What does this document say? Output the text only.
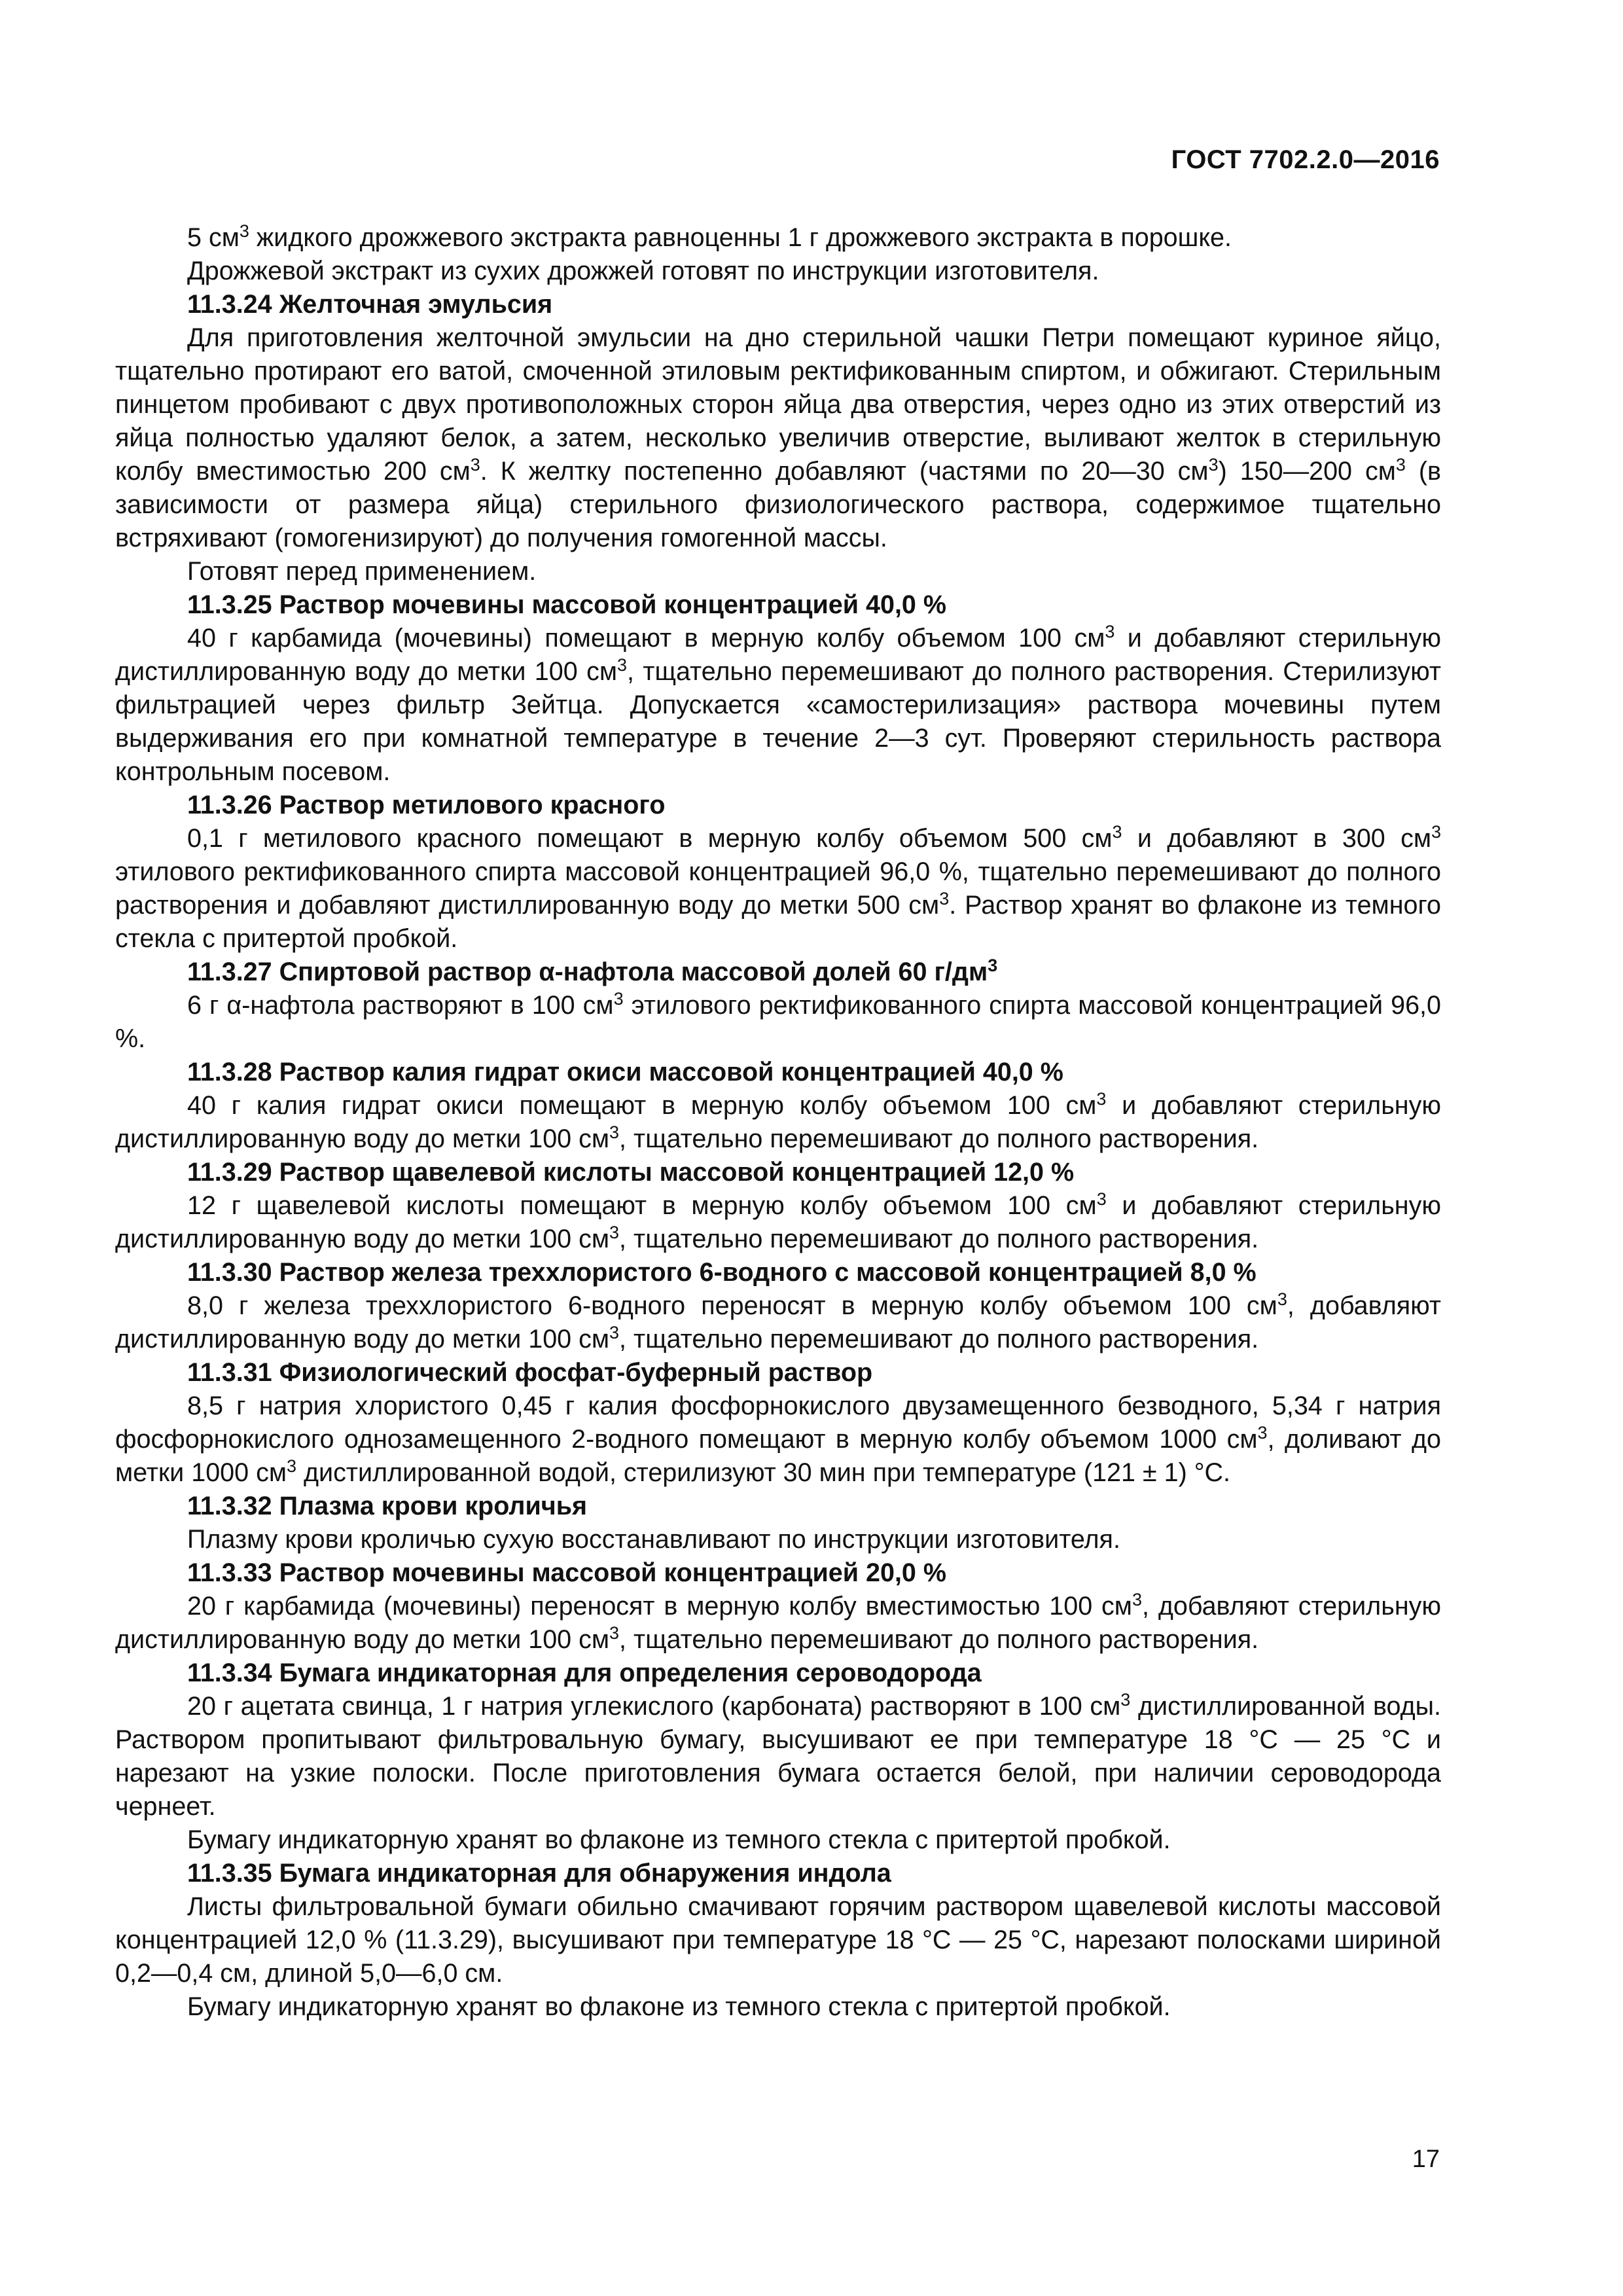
ГОСТ 7702.2.0—2016

5 $см^3$ жидкого дрожжевого экстракта равноценны 1 г дрожжевого экстракта в порошке.

Дрожжевой экстракт из сухих дрожжей готовят по инструкции изготовителя.

11.3.24 Желточная эмульсия

Для приготовления желточной эмульсии на дно стерильной чашки Петри помещают куриное яйцо, тщательно протирают его ватой, смоченной этиловым ректификованным спиртом, и обжигают. Стерильным пинцетом пробивают с двух противоположных сторон яйца два отверстия, через одно из этих отверстий из яйца полностью удаляют белок, а затем, несколько увеличив отверстие, выливают желток в стерильную колбу вместимостью 200 $см^3$. К желтку постепенно добавляют (частями по 20—30 $см^3$) 150—200 $см^3$ (в зависимости от размера яйца) стерильного физиологического раствора, содержимое тщательно встряхивают (гомогенизируют) до получения гомогенной массы.

Готовят перед применением.

11.3.25 Раствор мочевины массовой концентрацией 40,0 %

40 г карбамида (мочевины) помещают в мерную колбу объемом 100 $см^3$ и добавляют стерильную дистиллированную воду до метки 100 $см^3$, тщательно перемешивают до полного растворения. Стерилизуют фильтрацией через фильтр Зейтца. Допускается «самостерилизация» раствора мочевины путем выдерживания его при комнатной температуре в течение 2—3 сут. Проверяют стерильность раствора контрольным посевом.

11.3.26 Раствор метилового красного

0,1 г метилового красного помещают в мерную колбу объемом 500 $см^3$ и добавляют в 300 $см^3$ этилового ректификованного спирта массовой концентрацией 96,0 %, тщательно перемешивают до полного растворения и добавляют дистиллированную воду до метки 500 $см^3$. Раствор хранят во флаконе из темного стекла с притертой пробкой.

11.3.27 Спиртовой раствор α-нафтола массовой долей 60 $г/дм^3$

6 г α-нафтола растворяют в 100 $см^3$ этилового ректификованного спирта массовой концентрацией 96,0 %.

11.3.28 Раствор калия гидрат окиси массовой концентрацией 40,0 %

40 г калия гидрат окиси помещают в мерную колбу объемом 100 $см^3$ и добавляют стерильную дистиллированную воду до метки 100 $см^3$, тщательно перемешивают до полного растворения.

11.3.29 Раствор щавелевой кислоты массовой концентрацией 12,0 %

12 г щавелевой кислоты помещают в мерную колбу объемом 100 $см^3$ и добавляют стерильную дистиллированную воду до метки 100 $см^3$, тщательно перемешивают до полного растворения.

11.3.30 Раствор железа треххлористого 6-водного с массовой концентрацией 8,0 %

8,0 г железа треххлористого 6-водного переносят в мерную колбу объемом 100 $см^3$, добавляют дистиллированную воду до метки 100 $см^3$, тщательно перемешивают до полного растворения.

11.3.31 Физиологический фосфат-буферный раствор

8,5 г натрия хлористого 0,45 г калия фосфорнокислого двузамещенного безводного, 5,34 г натрия фосфорнокислого однозамещенного 2-водного помещают в мерную колбу объемом 1000 $см^3$, доливают до метки 1000 $см^3$ дистиллированной водой, стерилизуют 30 мин при температуре (121 ± 1) °С.

11.3.32 Плазма крови кроличья

Плазму крови кроличью сухую восстанавливают по инструкции изготовителя.

11.3.33 Раствор мочевины массовой концентрацией 20,0 %

20 г карбамида (мочевины) переносят в мерную колбу вместимостью 100 $см^3$, добавляют стерильную дистиллированную воду до метки 100 $см^3$, тщательно перемешивают до полного растворения.

11.3.34 Бумага индикаторная для определения сероводорода

20 г ацетата свинца, 1 г натрия углекислого (карбоната) растворяют в 100 $см^3$ дистиллированной воды. Раствором пропитывают фильтровальную бумагу, высушивают ее при температуре 18 °С — 25 °С и нарезают на узкие полоски. После приготовления бумага остается белой, при наличии сероводорода чернеет.

Бумагу индикаторную хранят во флаконе из темного стекла с притертой пробкой.

11.3.35 Бумага индикаторная для обнаружения индола

Листы фильтровальной бумаги обильно смачивают горячим раствором щавелевой кислоты массовой концентрацией 12,0 % (11.3.29), высушивают при температуре 18 °С — 25 °С, нарезают полосками шириной 0,2—0,4 см, длиной 5,0—6,0 см.

Бумагу индикаторную хранят во флаконе из темного стекла с притертой пробкой.

17
